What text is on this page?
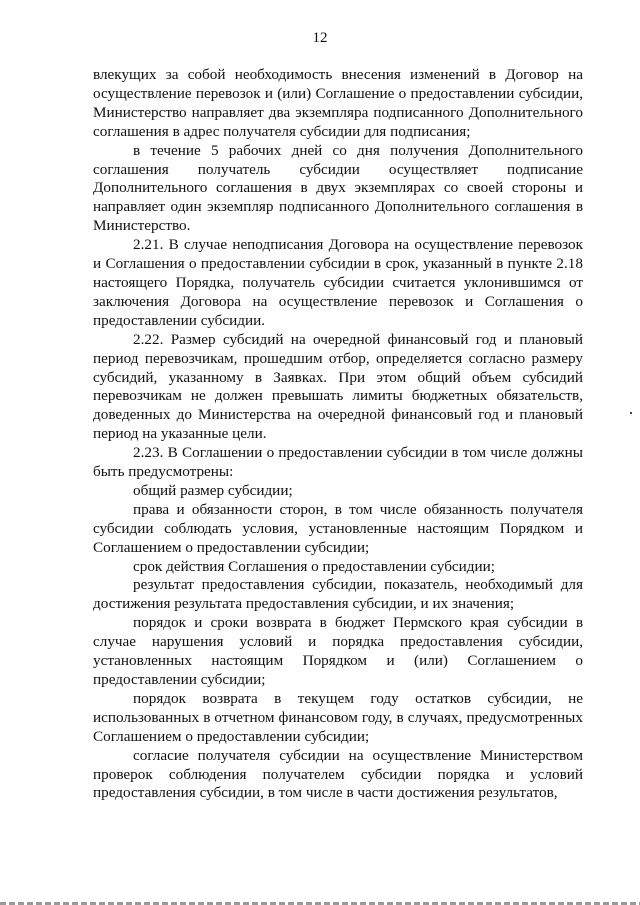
12

влекущих за собой необходимость внесения изменений в Договор на осуществление перевозок и (или) Соглашение о предоставлении субсидии, Министерство направляет два экземпляра подписанного Дополнительного соглашения в адрес получателя субсидии для подписания;

в течение 5 рабочих дней со дня получения Дополнительного соглашения получатель субсидии осуществляет подписание Дополнительного соглашения в двух экземплярах со своей стороны и направляет один экземпляр подписанного Дополнительного соглашения в Министерство.

2.21. В случае неподписания Договора на осуществление перевозок и Соглашения о предоставлении субсидии в срок, указанный в пункте 2.18 настоящего Порядка, получатель субсидии считается уклонившимся от заключения Договора на осуществление перевозок и Соглашения о предоставлении субсидии.

2.22. Размер субсидий на очередной финансовый год и плановый период перевозчикам, прошедшим отбор, определяется согласно размеру субсидий, указанному в Заявках. При этом общий объем субсидий перевозчикам не должен превышать лимиты бюджетных обязательств, доведенных до Министерства на очередной финансовый год и плановый период на указанные цели.

2.23. В Соглашении о предоставлении субсидии в том числе должны быть предусмотрены:

общий размер субсидии;

права и обязанности сторон, в том числе обязанность получателя субсидии соблюдать условия, установленные настоящим Порядком и Соглашением о предоставлении субсидии;

срок действия Соглашения о предоставлении субсидии;

результат предоставления субсидии, показатель, необходимый для достижения результата предоставления субсидии, и их значения;

порядок и сроки возврата в бюджет Пермского края субсидии в случае нарушения условий и порядка предоставления субсидии, установленных настоящим Порядком и (или) Соглашением о предоставлении субсидии;

порядок возврата в текущем году остатков субсидии, не использованных в отчетном финансовом году, в случаях, предусмотренных Соглашением о предоставлении субсидии;

согласие получателя субсидии на осуществление Министерством проверок соблюдения получателем субсидии порядка и условий предоставления субсидии, в том числе в части достижения результатов,
